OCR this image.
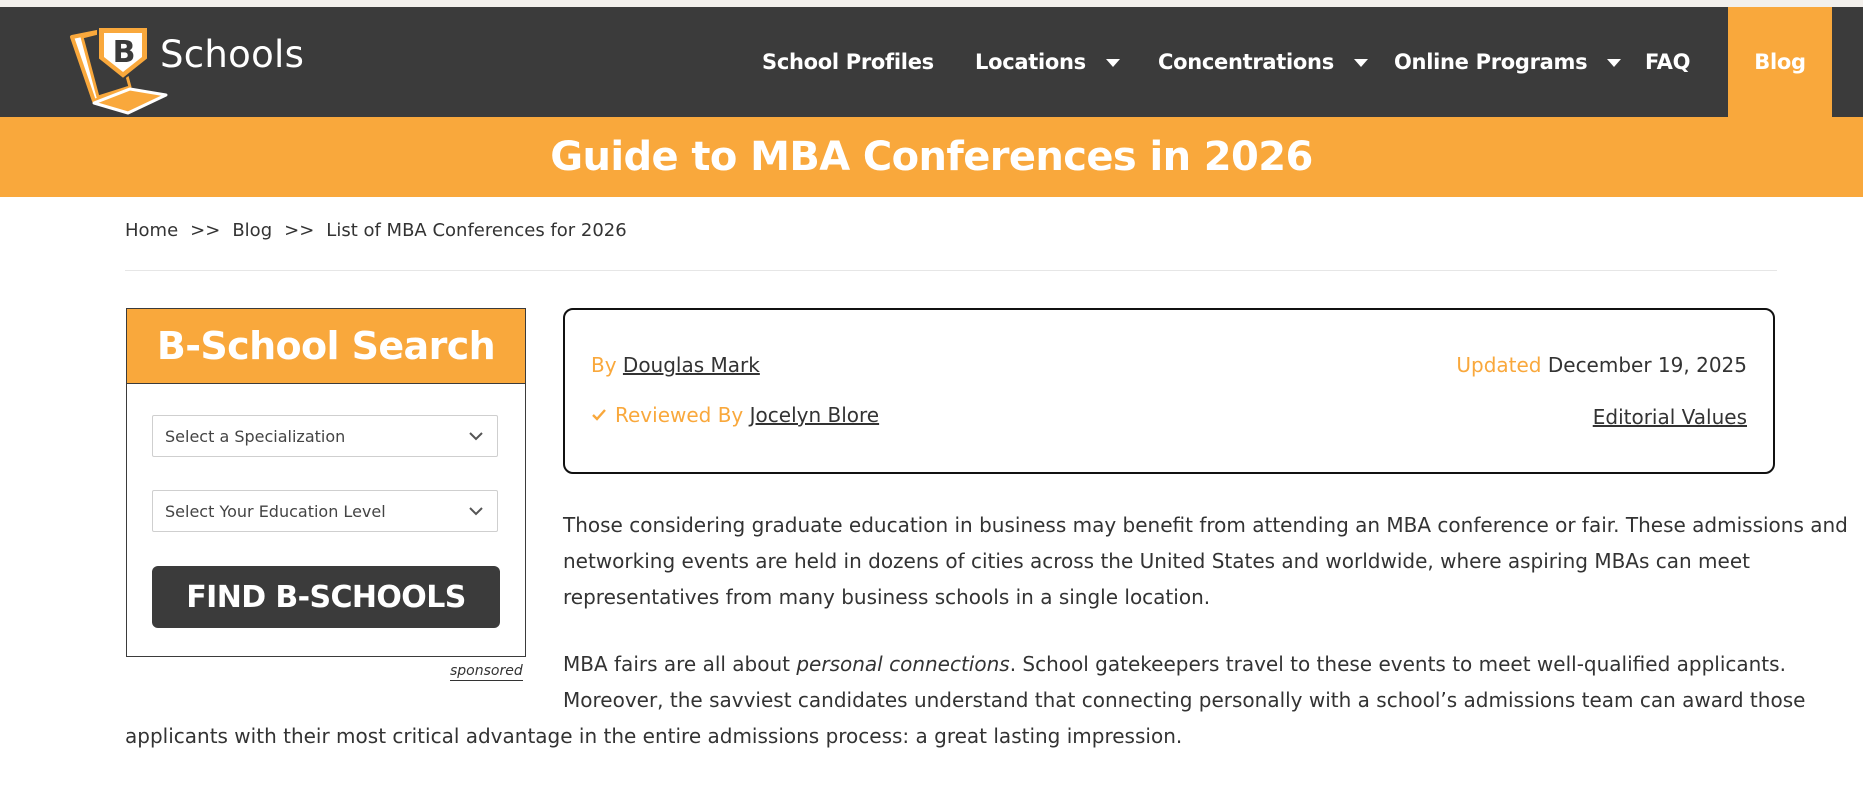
B Schools	School Profiles Locations	Concentrations	Online Programs	FAQ	Blog
Guide to MBA Conferences in 2026
Home >> Blog >> List of MBA Conferences for 2026
B-School Search
Select a Specialization
Select Your Education Level
FIND B-SCHOOLS
sponsored
By Douglas Mark
Reviewed By
Jocelyn Blore
Updated December 19, 2025
Editorial Values
Those considering graduate education in business may benefit from attending an MBA conference or fair. These admissions and
networking events are held in dozens of cities across the United States and worldwide, where aspiring MBAs can meet
representatives from many business schools in a single location.
MBA fairs are all about personal connections. School gatekeepers travel to these events to meet well-qualified applicants.
Moreover, the savviest candidates understand that connecting personally with a school’s admissions team can award those
applicants with their most critical advantage in the entire admissions process: a great lasting impression.
